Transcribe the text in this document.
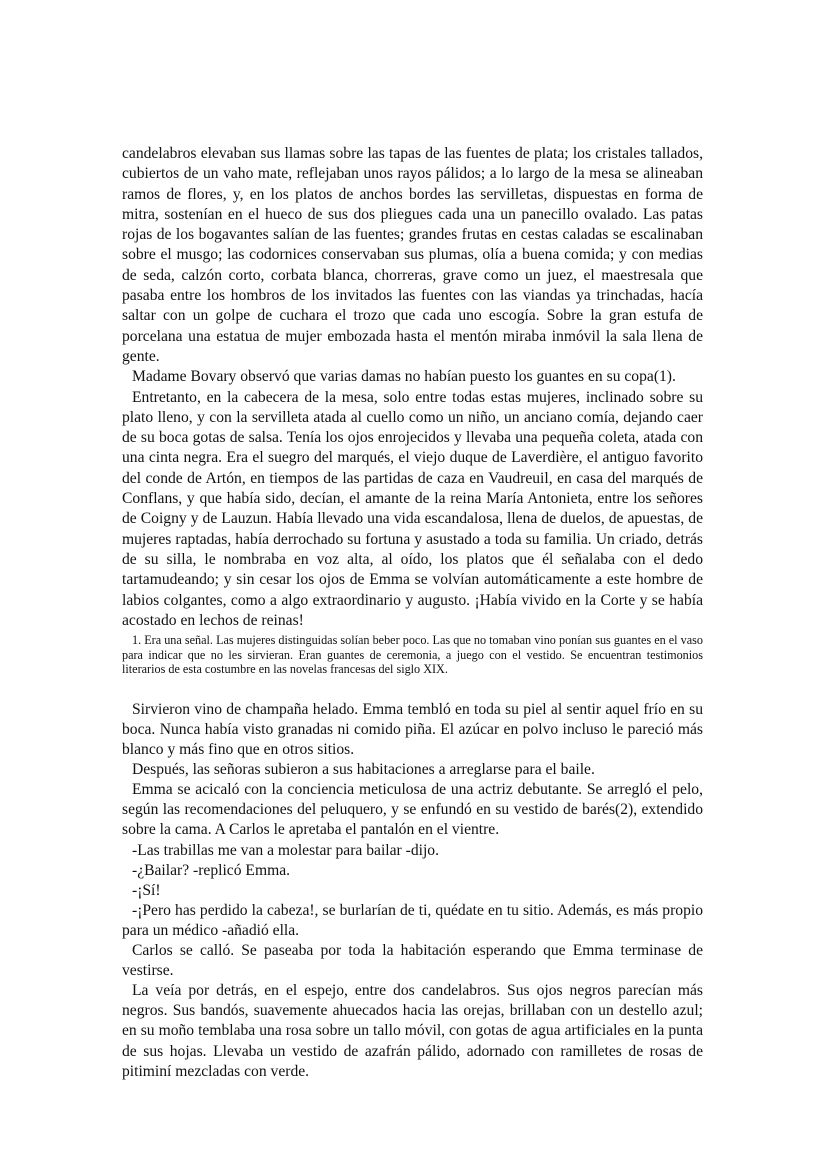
candelabros elevaban sus llamas sobre las tapas de las fuentes de plata; los cristales tallados, cubiertos de un vaho mate, reflejaban unos rayos pálidos; a lo largo de la mesa se alineaban ramos de flores, y, en los platos de anchos bordes las servilletas, dispuestas en forma de mitra, sostenían en el hueco de sus dos pliegues cada una un panecillo ovalado. Las patas rojas de los bogavantes salían de las fuentes; grandes frutas en cestas caladas se escalinaban sobre el musgo; las codornices conservaban sus plumas, olía a buena comida; y con medias de seda, calzón corto, corbata blanca, chorreras, grave como un juez, el maestresala que pasaba entre los hombros de los invitados las fuentes con las viandas ya trinchadas, hacía saltar con un golpe de cuchara el trozo que cada uno escogía. Sobre la gran estufa de porcelana una estatua de mujer embozada hasta el mentón miraba inmóvil la sala llena de gente.

Madame Bovary observó que varias damas no habían puesto los guantes en su copa(1).

Entretanto, en la cabecera de la mesa, solo entre todas estas mujeres, inclinado sobre su plato lleno, y con la servilleta atada al cuello como un niño, un anciano comía, dejando caer de su boca gotas de salsa. Tenía los ojos enrojecidos y llevaba una pequeña coleta, atada con una cinta negra. Era el suegro del marqués, el viejo duque de Laverdière, el antiguo favorito del conde de Artón, en tiempos de las partidas de caza en Vaudreuil, en casa del marqués de Conflans, y que había sido, decían, el amante de la reina María Antonieta, entre los señores de Coigny y de Lauzun. Había llevado una vida escandalosa, llena de duelos, de apuestas, de mujeres raptadas, había derrochado su fortuna y asustado a toda su familia. Un criado, detrás de su silla, le nombraba en voz alta, al oído, los platos que él señalaba con el dedo tartamudeando; y sin cesar los ojos de Emma se volvían automáticamente a este hombre de labios colgantes, como a algo extraordinario y augusto. ¡Había vivido en la Corte y se había acostado en lechos de reinas!

1. Era una señal. Las mujeres distinguidas solían beber poco. Las que no tomaban vino ponían sus guantes en el vaso para indicar que no les sirvieran. Eran guantes de ceremonia, a juego con el vestido. Se encuentran testimonios literarios de esta costumbre en las novelas francesas del siglo XIX.

Sirvieron vino de champaña helado. Emma tembló en toda su piel al sentir aquel frío en su boca. Nunca había visto granadas ni comido piña. El azúcar en polvo incluso le pareció más blanco y más fino que en otros sitios.

Después, las señoras subieron a sus habitaciones a arreglarse para el baile.

Emma se acicaló con la conciencia meticulosa de una actriz debutante. Se arregló el pelo, según las recomendaciones del peluquero, y se enfundó en su vestido de barés(2), extendido sobre la cama. A Carlos le apretaba el pantalón en el vientre.

-Las trabillas me van a molestar para bailar -dijo.

-¿Bailar? -replicó Emma.

-¡Sí!

-¡Pero has perdido la cabeza!, se burlarían de ti, quédate en tu sitio. Además, es más propio para un médico -añadió ella.

Carlos se calló. Se paseaba por toda la habitación esperando que Emma terminase de vestirse.

La veía por detrás, en el espejo, entre dos candelabros. Sus ojos negros parecían más negros. Sus bandós, suavemente ahuecados hacia las orejas, brillaban con un destello azul; en su moño temblaba una rosa sobre un tallo móvil, con gotas de agua artificiales en la punta de sus hojas. Llevaba un vestido de azafrán pálido, adornado con ramilletes de rosas de pitiminí mezcladas con verde.
